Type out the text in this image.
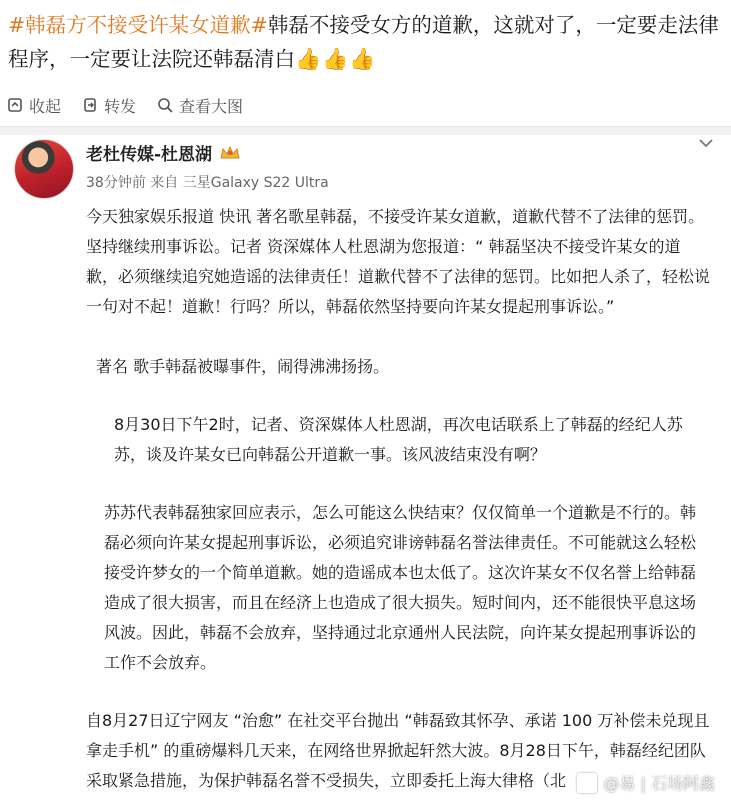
#韩磊方不接受许某女道歉#韩磊不接受女方的道歉，这就对了，一定要走法律程序，一定要让法院还韩磊清白👍👍👍
收起	转发	查看大图
老杜传媒-杜恩湖
38分钟前 来自 三星Galaxy S22 Ultra

今天独家娱乐报道 快讯 著名歌星韩磊，不接受许某女道歉，道歉代替不了法律的惩罚。坚持继续刑事诉讼。记者 资深媒体人杜恩湖为您报道：“ 韩磊坚决不接受许某女的道歉，必须继续追究她造谣的法律责任！道歉代替不了法律的惩罚。比如把人杀了，轻松说一句对不起！道歉！行吗？所以，韩磊依然坚持要向许某女提起刑事诉讼。”

著名 歌手韩磊被曝事件，闹得沸沸扬扬。

8月30日下午2时，记者、资深媒体人杜恩湖，再次电话联系上了韩磊的经纪人苏苏，谈及许某女已向韩磊公开道歉一事。该风波结束没有啊？

苏苏代表韩磊独家回应表示，怎么可能这么快结束？仅仅简单一个道歉是不行的。韩磊必须向许某女提起刑事诉讼，必须追究诽谤韩磊名誉法律责任。不可能就这么轻松接受许梦女的一个简单道歉。她的造谣成本也太低了。这次许某女不仅名誉上给韩磊造成了很大损害，而且在经济上也造成了很大损失。短时间内，还不能很快平息这场风波。因此，韩磊不会放弃，坚持通过北京通州人民法院，向许某女提起刑事诉讼的工作不会放弃。

自8月27日辽宁网友 “治愈” 在社交平台抛出 “韩磊致其怀孕、承诺 100 万补偿未兑现且拿走手机” 的重磅爆料几天来，在网络世界掀起轩然大波。8月28日下午，韩磊经纪团队采取紧急措施，为保护韩磊名誉不受损失，立即委托上海大律格（北	@易 | 石场阿鑫
